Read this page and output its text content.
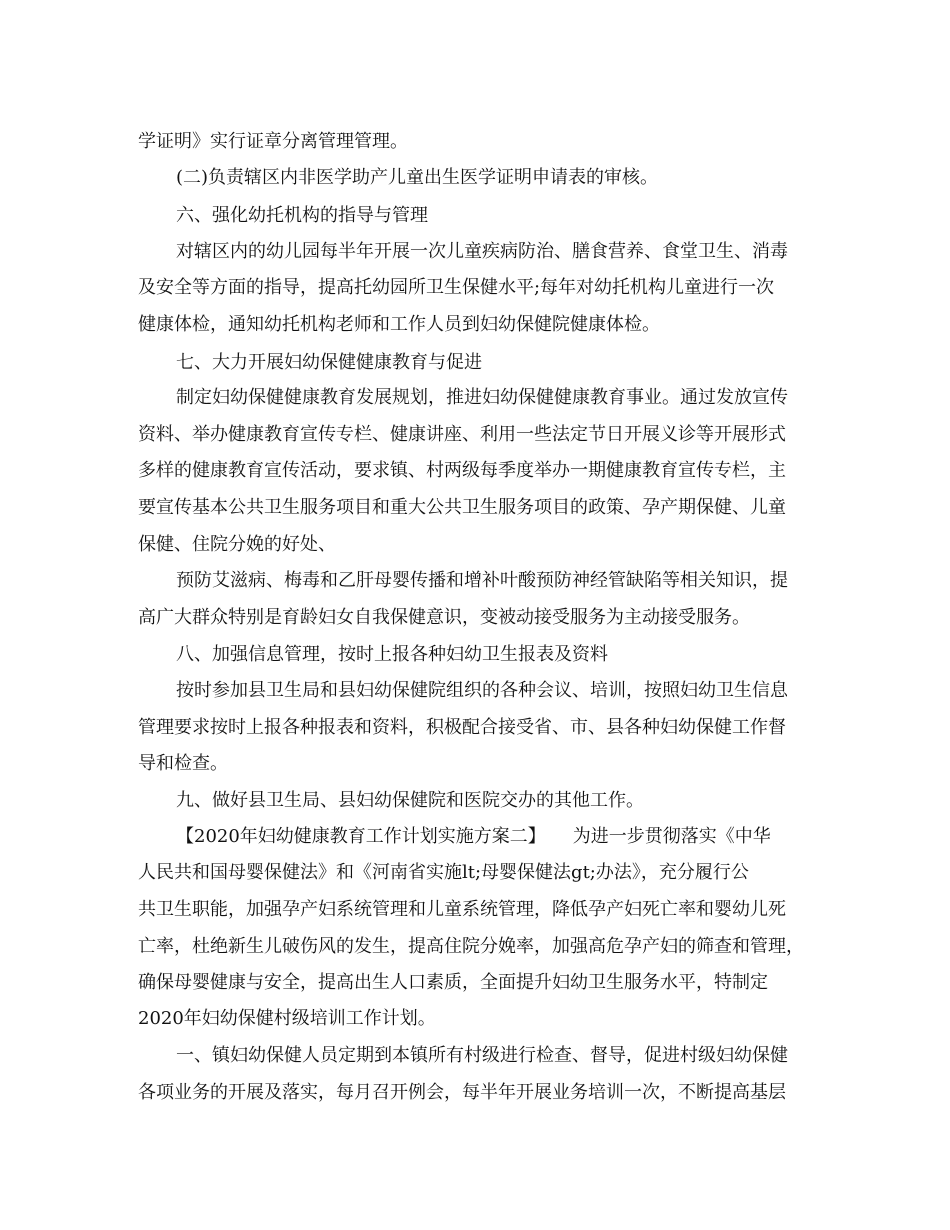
学证明》实行证章分离管理管理。
(二)负责辖区内非医学助产儿童出生医学证明申请表的审核。
六、强化幼托机构的指导与管理
对辖区内的幼儿园每半年开展一次儿童疾病防治、膳食营养、食堂卫生、消毒
及安全等方面的指导，提高托幼园所卫生保健水平;每年对幼托机构儿童进行一次
健康体检，通知幼托机构老师和工作人员到妇幼保健院健康体检。
七、大力开展妇幼保健健康教育与促进
制定妇幼保健健康教育发展规划，推进妇幼保健健康教育事业。通过发放宣传
资料、举办健康教育宣传专栏、健康讲座、利用一些法定节日开展义诊等开展形式
多样的健康教育宣传活动，要求镇、村两级每季度举办一期健康教育宣传专栏，主
要宣传基本公共卫生服务项目和重大公共卫生服务项目的政策、孕产期保健、儿童
保健、住院分娩的好处、
预防艾滋病、梅毒和乙肝母婴传播和增补叶酸预防神经管缺陷等相关知识，提
高广大群众特别是育龄妇女自我保健意识，变被动接受服务为主动接受服务。
八、加强信息管理，按时上报各种妇幼卫生报表及资料
按时参加县卫生局和县妇幼保健院组织的各种会议、培训，按照妇幼卫生信息
管理要求按时上报各种报表和资料，积极配合接受省、市、县各种妇幼保健工作督
导和检查。
九、做好县卫生局、县妇幼保健院和医院交办的其他工作。
【2020年妇幼健康教育工作计划实施方案二】　　为进一步贯彻落实《中华
人民共和国母婴保健法》和《河南省实施lt;母婴保健法gt;办法》，充分履行公
共卫生职能，加强孕产妇系统管理和儿童系统管理，降低孕产妇死亡率和婴幼儿死
亡率，杜绝新生儿破伤风的发生，提高住院分娩率，加强高危孕产妇的筛查和管理，
确保母婴健康与安全，提高出生人口素质，全面提升妇幼卫生服务水平，特制定
2020年妇幼保健村级培训工作计划。
一、镇妇幼保健人员定期到本镇所有村级进行检查、督导，促进村级妇幼保健
各项业务的开展及落实，每月召开例会，每半年开展业务培训一次，不断提高基层
